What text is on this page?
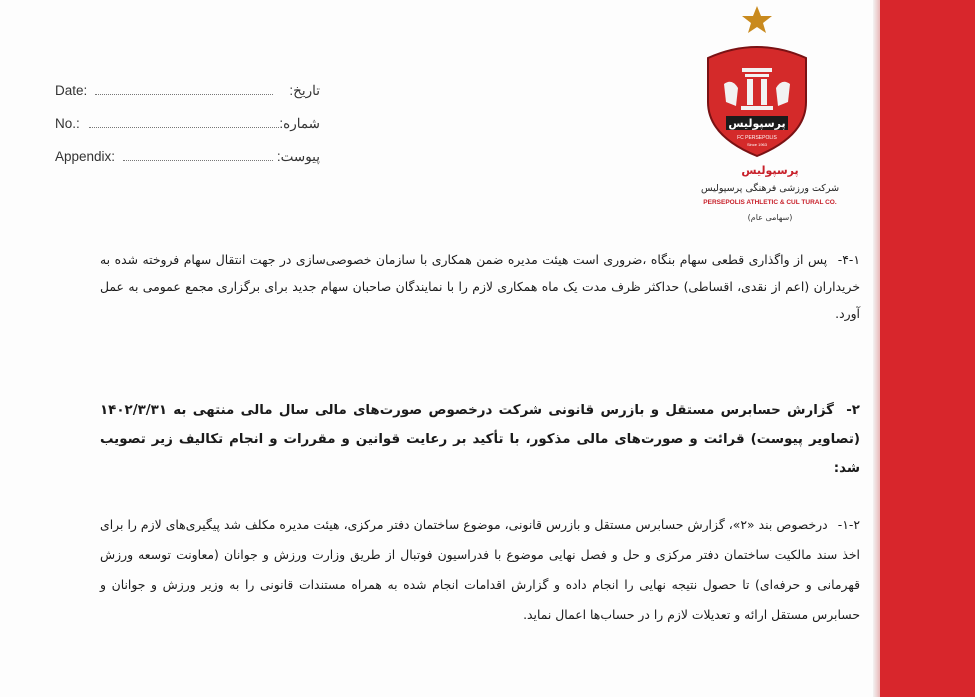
Date:	تاریخ:
No.:	شماره:
Appendix:	پیوست:
پرسپولیس
FC PERSEPOLIS
Since 1963
پرسپولیس
شرکت ورزشی فرهنگی پرسپولیس
PERSEPOLIS ATHLETIC & CUL TURAL CO.
(سهامی عام)
۴-۱- پس از واگذاری قطعی سهام بنگاه ،ضروری است هیئت مدیره ضمن همکاری با سازمان خصوصی‌سازی در جهت انتقال سهام فروخته شده به خریداران (اعم از نقدی، اقساطی) حداکثر ظرف مدت یک ماه همکاری لازم را با نمایندگان صاحبان سهام جدید برای برگزاری مجمع عمومی به عمل آورد.
۲- گزارش حسابرس مستقل و بازرس قانونی شرکت درخصوص صورت‌های مالی سال مالی منتهی به ۱۴۰۲/۳/۳۱ (تصاویر پیوست) قرائت و صورت‌های مالی مذکور، با تأکید بر رعایت قوانین و مقررات و انجام تکالیف زیر تصویب شد:
۱-۲- درخصوص بند «۲»، گزارش حسابرس مستقل و بازرس قانونی، موضوع ساختمان دفتر مرکزی، هیئت مدیره مکلف شد پیگیری‌های لازم را برای اخذ سند مالکیت ساختمان دفتر مرکزی و حل و فصل نهایی موضوع با فدراسیون فوتبال از طریق وزارت ورزش و جوانان (معاونت توسعه ورزش قهرمانی و حرفه‌ای) تا حصول نتیجه نهایی را انجام داده و گزارش اقدامات انجام شده به همراه مستندات قانونی را به وزیر ورزش و جوانان و حسابرس مستقل ارائه و تعدیلات لازم را در حساب‌ها اعمال نماید.
